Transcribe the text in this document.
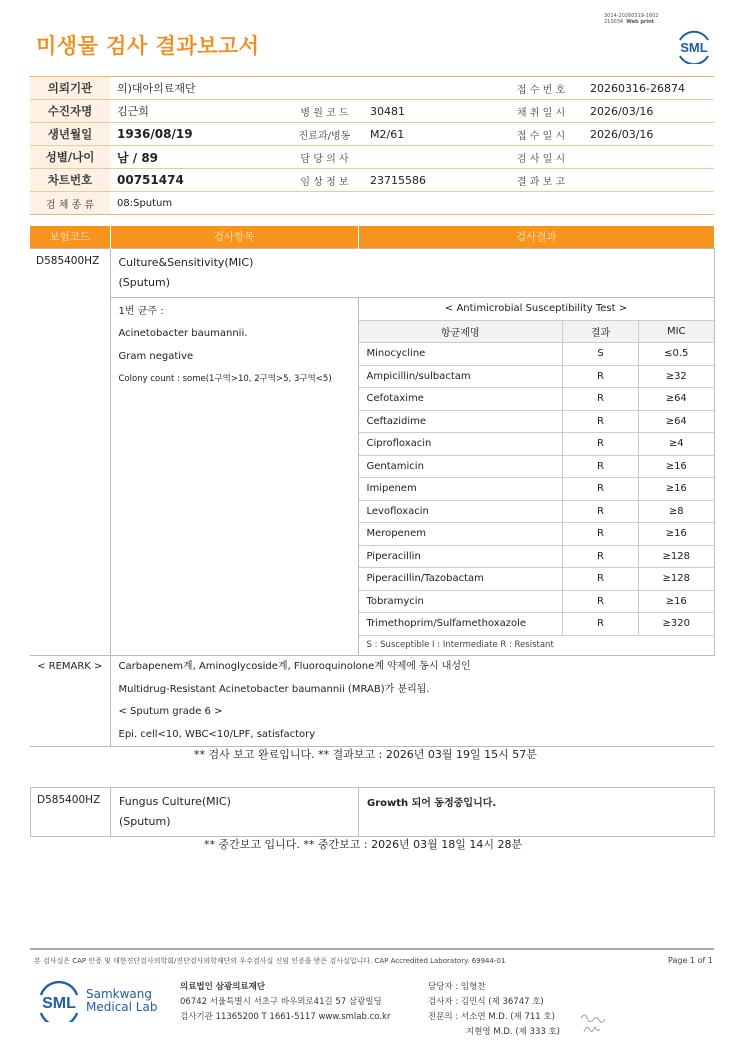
미생물 검사 결과보고서
3014-20260319-1602
210034 Web print
SML
의뢰기관	의)대아의료재단			접 수 번 호	20260316-26874
수진자명	김근희	병 원 코 드	30481	채 취 일 시	2026/03/16
생년월일	1936/08/19	진료과/병동	M2/61	접 수 일 시	2026/03/16
성별/나이	남 / 89	담 당 의 사		검 사 일 시	
차트번호	00751474	임 상 정 보	23715586	결 과 보 고	
검 체 종 류	08:Sputum				
보험코드	검사항목	검사결과
D585400HZ	Culture&Sensitivity(MIC)
(Sputum)

1번 균주 :
Acinetobacter baumannii.
Gram negative
Colony count : some(1구역>10, 2구역>5, 3구역<5)

< Antimicrobial Susceptibility Test >
항균제명	결과	MIC
Minocycline	S	≤0.5
Ampicillin/sulbactam	R	≥32
Cefotaxime	R	≥64
Ceftazidime	R	≥64
Ciprofloxacin	R	≥4
Gentamicin	R	≥16
Imipenem	R	≥16
Levofloxacin	R	≥8
Meropenem	R	≥16
Piperacillin	R	≥128
Piperacillin/Tazobactam	R	≥128
Tobramycin	R	≥16
Trimethoprim/Sulfamethoxazole	R	≥320
S : Susceptible I : Intermediate R : Resistant

< REMARK >	Carbapenem계, Aminoglycoside계, Fluoroquinolone계 약제에 동시 내성인
Multidrug-Resistant Acinetobacter baumannii (MRAB)가 분리됨.
< Sputum grade 6 >
Epi. cell<10, WBC<10/LPF, satisfactory
** 검사 보고 완료입니다. ** 결과보고 : 2026년 03월 19일 15시 57분
D585400HZ	Fungus Culture(MIC)
(Sputum)
	Growth 되어 동정중입니다.
** 중간보고 입니다. ** 중간보고 : 2026년 03월 18일 14시 28분
본 검사실은 CAP 인증 및 대한진단검사의학회/진단검사의학재단의 우수검사실 신임 인증을 받은 검사실입니다. CAP Accredited Laboratory. 69944-01	Page 1 of 1
SML
Samkwang
Medical Lab
의료법인 삼광의료재단
06742 서울특별시 서초구 바우뫼로41길 57 삼광빌딩
검사기관 11365200 T 1661-5117 www.smlab.co.kr
담당자 : 임형찬
검사자 : 김민식 (제 36747 호)
전문의 : 서소연 M.D. (제 711 호)
지현영 M.D. (제 333 호)
